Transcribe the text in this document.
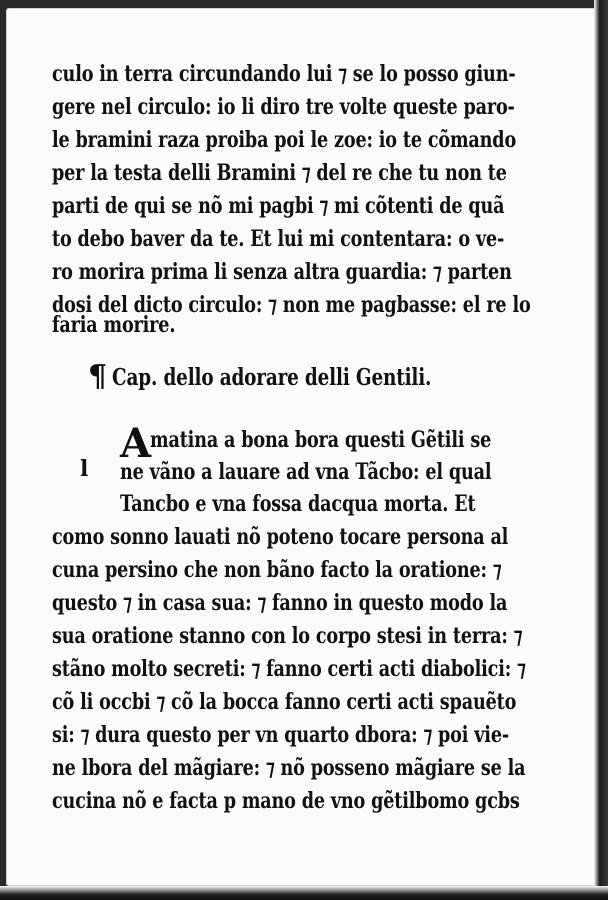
culo in terra circundando lui ⁊ se lo posso giun-
gere nel circulo: io li diro tre volte queste paro-
le bramini raza proiba poi le zoe: io te cõmando
per la testa delli Bramini ⁊ del re che tu non te
parti de qui se nõ mi pagbi ⁊ mi cõtenti de quã
to debo baver da te. Et lui mi contentara: o ve-
ro morira prima li senza altra guardia: ⁊ parten
dosi del dicto circulo: ⁊ non me pagbasse: el re lo
faria morire.
¶ Cap. dello adorare delli Gentili.
A
l
matina a bona bora questi Gẽtili se
ne vãno a lauare ad vna Tãcbo: el qual
Tancbo e vna fossa dacqua morta. Et
como sonno lauati nõ poteno tocare persona al
cuna persino che non bãno facto la oratione: ⁊
questo ⁊ in casa sua: ⁊ fanno in questo modo la
sua oratione stanno con lo corpo stesi in terra: ⁊
stãno molto secreti: ⁊ fanno certi acti diabolici: ⁊
cõ li occbi ⁊ cõ la bocca fanno certi acti spauẽto
si: ⁊ dura questo per vn quarto dbora: ⁊ poi vie-
ne lbora del mãgiare: ⁊ nõ posseno mãgiare se la
cucina nõ e facta p mano de vno gẽtilbomo gcbs
